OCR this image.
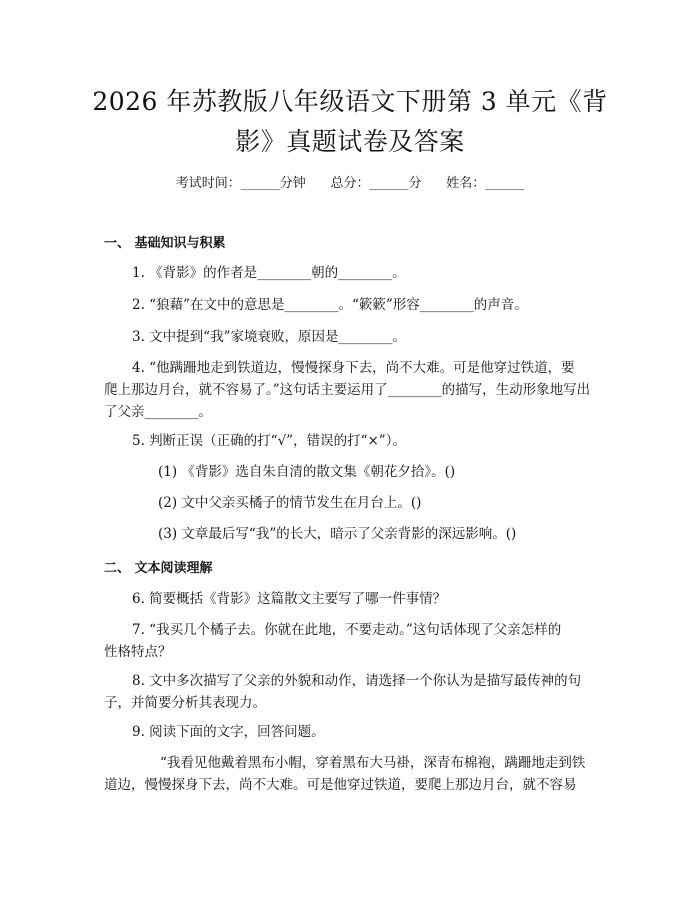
2026 年苏教版八年级语文下册第 3 单元《背
影》真题试卷及答案
考试时间：______分钟      总分：______分      姓名：______
一、 基础知识与积累
1. 《背影》的作者是________朝的________。
2. “狼藉”在文中的意思是________。“簌簌”形容________的声音。
3. 文中提到“我”家境衰败，原因是________。
4. “他蹒跚地走到铁道边，慢慢探身下去，尚不大难。可是他穿过铁道，要
爬上那边月台，就不容易了。”这句话主要运用了________的描写，生动形象地写出了父亲________。
5. 判断正误（正确的打“√”，错误的打“×”）。
(1) 《背影》选自朱自清的散文集《朝花夕拾》。()
(2) 文中父亲买橘子的情节发生在月台上。()
(3) 文章最后写“我”的长大，暗示了父亲背影的深远影响。()
二、 文本阅读理解
6. 简要概括《背影》这篇散文主要写了哪一件事情？
7. “我买几个橘子去。你就在此地，不要走动。”这句话体现了父亲怎样的
性格特点？
8. 文中多次描写了父亲的外貌和动作，请选择一个你认为是描写最传神的句
子，并简要分析其表现力。
9. 阅读下面的文字，回答问题。
“我看见他戴着黑布小帽，穿着黑布大马褂，深青布棉袍，蹒跚地走到铁道边，慢慢探身下去，尚不大难。可是他穿过铁道，要爬上那边月台，就不容易
